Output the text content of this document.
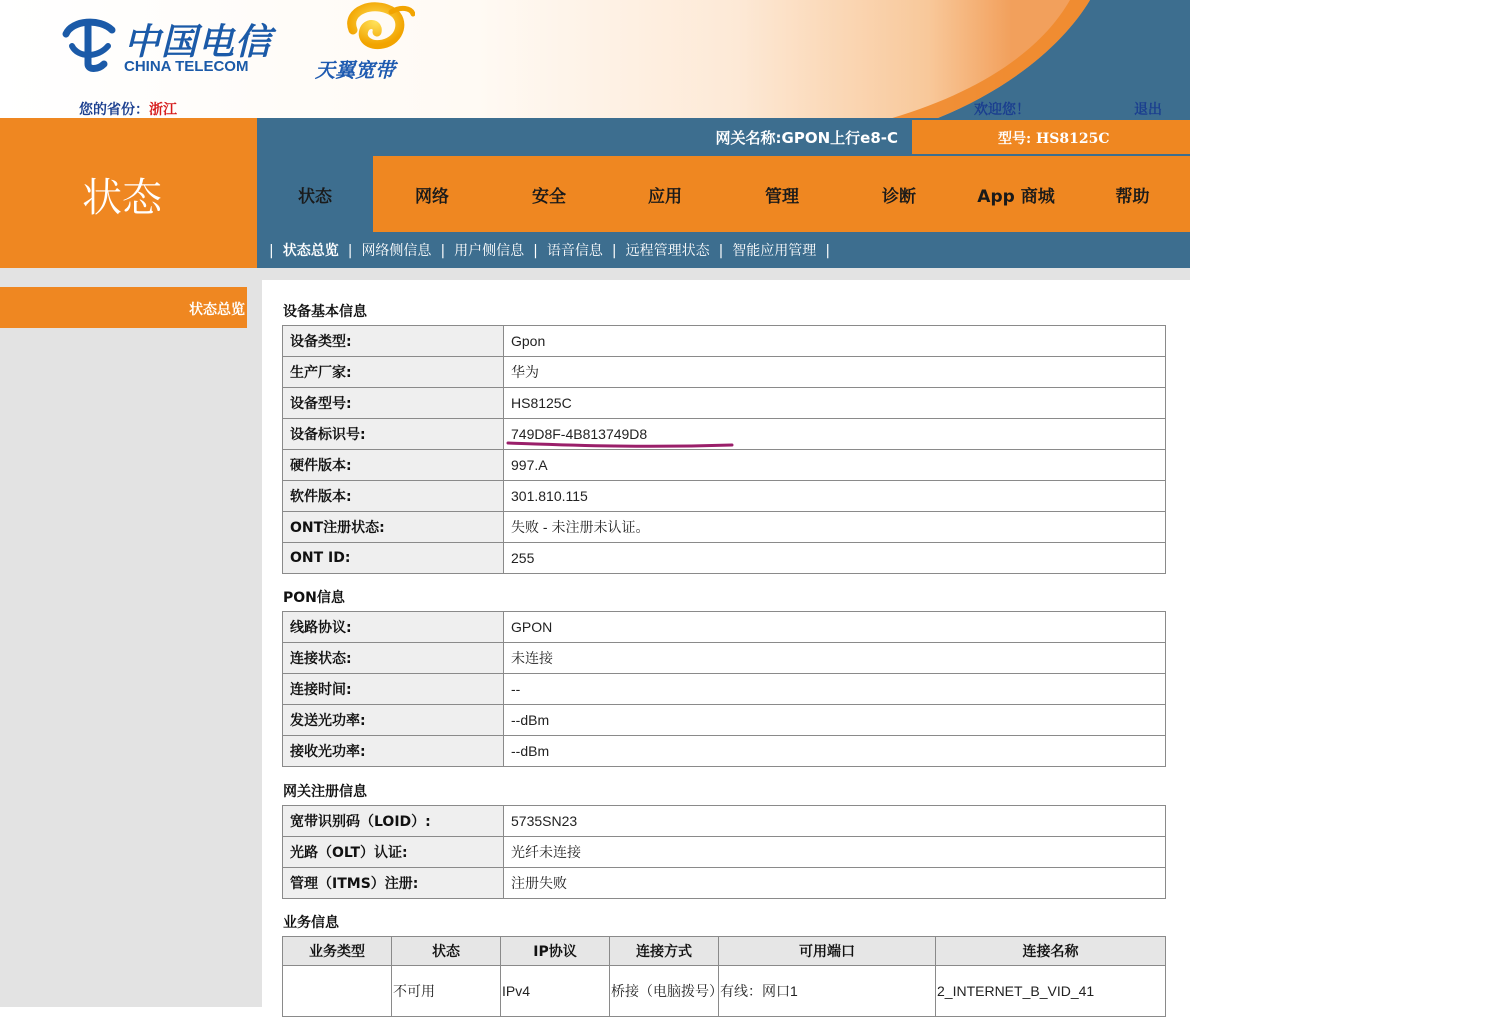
中国电信
CHINA TELECOM	天翼宽带
您的省份：浙江	欢迎您！	退出
状态
网关名称:GPON上行e8-C	型号: HS8125C
状态	网络	安全	应用	管理	诊断	App 商城	帮助
| 状态总览 | 网络侧信息 | 用户侧信息 | 语音信息 | 远程管理状态 | 智能应用管理 |
状态总览	设备基本信息
设备类型:	Gpon
生产厂家:	华为
设备型号:	HS8125C
设备标识号:	749D8F-4B813749D8
硬件版本:	997.A
软件版本:	301.810.115
ONT注册状态:	失败 - 未注册未认证。
ONT ID:	255
PON信息
线路协议:	GPON
连接状态:	未连接
连接时间:	--
发送光功率:	--dBm
接收光功率:	--dBm
网关注册信息
宽带识别码（LOID）:	5735SN23
光路（OLT）认证:	光纤未连接
管理（ITMS）注册:	注册失败
业务信息
业务类型	状态	IP协议	连接方式	可用端口	连接名称
	不可用	IPv4	桥接（电脑拨号）	有线：网口1	2_INTERNET_B_VID_41
